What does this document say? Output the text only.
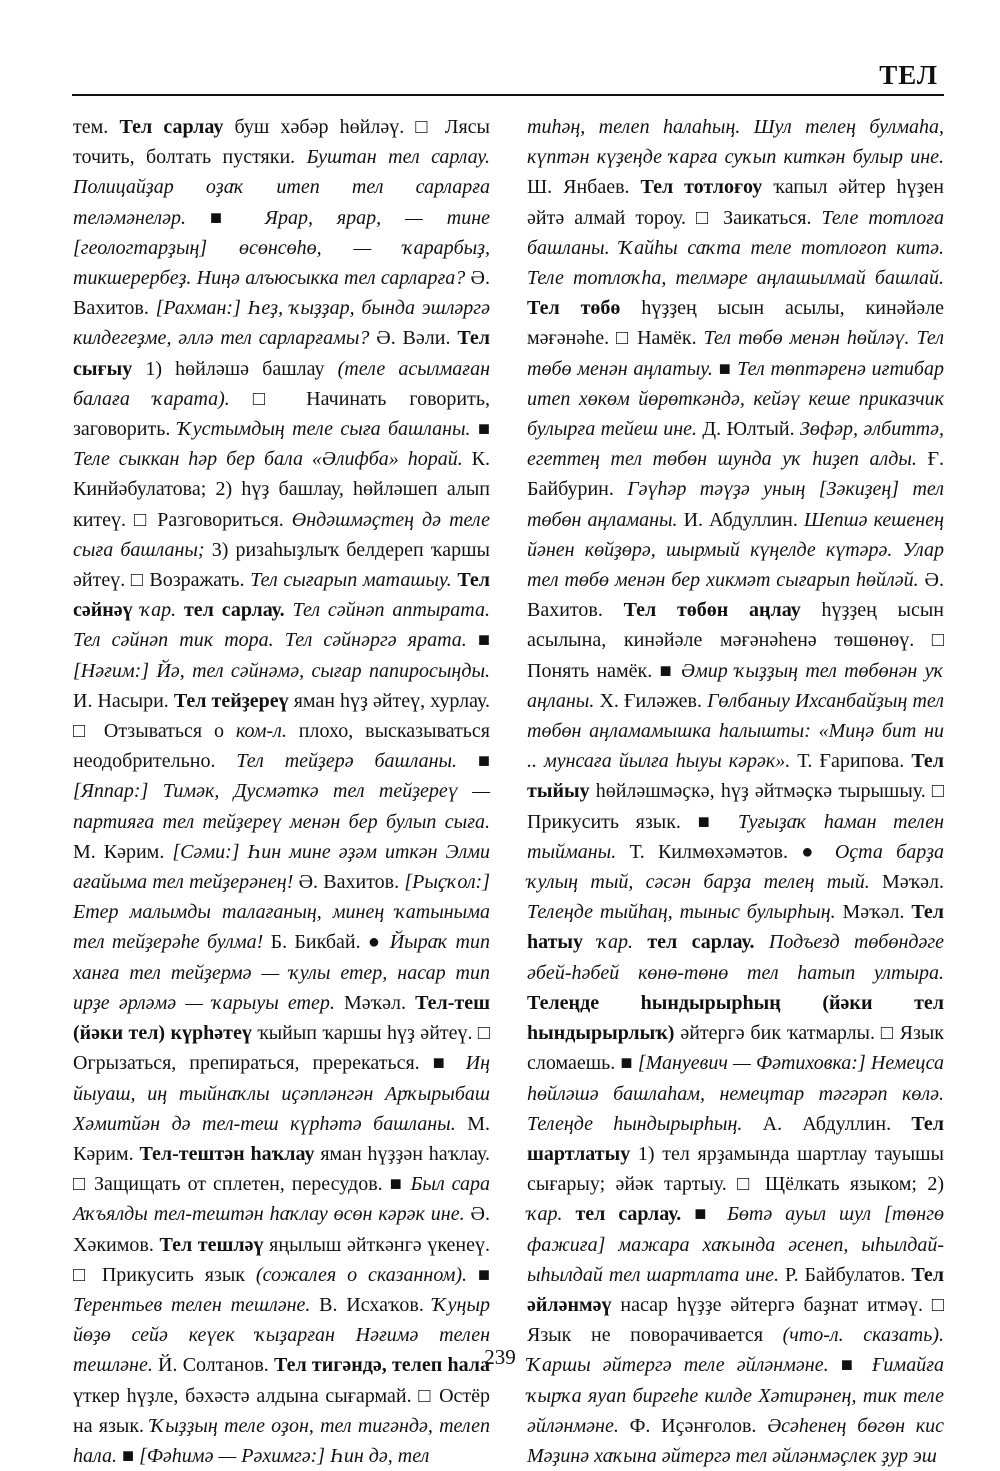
ТЕЛ

тем. Тел сарлау буш хәбәр һөйләү. □ Лясы точить, болтать пустяки. Буштан тел сарлау. Полицайҙар оҙаҡ итеп тел сарларға теләмәнеләр. ■ Ярар, ярар, — тине [геологтарҙың] өсөнсөһө, — ҡарарбыҙ, тикшерербеҙ. Ниңә алъюсыкка тел сарларға? Ә. Вахитов. [Рахман:] Һеҙ, ҡыҙҙар, бында эшләргә килдегеҙме, әллә тел сарларғамы? Ә. Вәли. Тел сығыу 1) һөйләшә башлау (теле асылмаған балаға ҡарата). □ Начинать говорить, заговорить. Ҡустымдың теле сыға башланы. ■ Теле сыккан һәр бер бала «Әлифба» һорай. К. Кинйәбулатова; 2) һүҙ башлау, һөйләшеп алып китеү. □ Разговориться. Өндәшмәҫтең дә теле сыға башланы; 3) ризаһыҙлыҡ белдереп ҡаршы әйтеү. □ Возражать. Тел сығарып маташыу. Тел сәйнәү ҡар. тел сарлау. Тел сәйнәп аптырата. Тел сәйнәп тик тора. Тел сәйнәргә ярата. ■ [Нәғим:] Йә, тел сәйнәмә, сығар папиросыңды. И. Насыри. Тел тейҙереү яман һүҙ әйтеү, хурлау. □ Отзываться о ком-л. плохо, высказываться неодобрительно. Тел тейҙерә башланы. ■ [Яппар:] Тимәк, Дусмәткә тел тейҙереү — партияға тел тейҙереү менән бер булып сыға. М. Кәрим. [Сәми:] Һин мине әҙәм иткән Элми ағайыма тел тейҙерәнең! Ә. Вахитов. [Рыҫҡол:] Етер малымды талағаның, минең ҡатыныма тел тейҙерәһе булма! Б. Бикбай. ● Йыраҡ тип ханға тел тейҙермә — ҡулы етер, насар тип ирҙе әрләмә — ҡарыуы етер. Мәҡәл. Тел-теш (йәки тел) күрһәтеү ҡыйып ҡаршы һүҙ әйтеү. □ Огрызаться, препираться, пререкаться. ■ Иң йыуаш, иң тыйнаҡлы иҫәпләнгән Арҡырыбаш Хәмитйән дә тел-теш күрһәтә башланы. М. Кәрим. Тел-тештән һаҡлау яман һүҙҙән һаҡлау. □ Защищать от сплетен, пересудов. ■ Был сара Аҡъялды тел-тештән һаҡлау өсөн кәрәк ине. Ә. Хәкимов. Тел тешләү яңылыш әйткәнгә үкенеү. □ Прикусить язык (сожалея о сказанном). ■ Терентьев телен тешләне. В. Исхаҡов. Ҡуңыр йөҙө сейә кеүек ҡыҙарған Нәғимә телен тешләне. Й. Солтанов. Тел тигәндә, телеп һала үткер һүҙле, бәхәстә алдына сығармай. □ Остёр на язык. Ҡыҙҙың теле оҙон, тел тигәндә, телеп һала. ■ [Фәһимә — Рәхимгә:] Һин дә, тел

тиһәң, телеп һалаһың. Шул телең булмаһа, күптән күҙеңде ҡарға суҡып киткән булыр ине. Ш. Янбаев. Тел тотлоғоу ҡапыл әйтер һүҙен әйтә алмай тороу. □ Заикаться. Теле тотлоға башланы. Ҡайһы саҡта теле тотлоғоп китә. Теле тотлоҡһа, телмәре аңлашылмай башлай. Тел төбө һүҙҙең ысын асылы, кинәйәле мәғәнәһе. □ Намёк. Тел төбө менән һөйләү. Тел төбө менән аңлатыу. ■ Тел төптәренә иғтибар итеп хөкөм йөрөткәндә, кейәү кеше приказчик булырға тейеш ине. Д. Юлтый. Зөфәр, әлбиттә, егеттең тел төбөн шунда уҡ һиҙеп алды. Ғ. Байбурин. Гәүһәр тәүҙә уның [Зәкиҙең] тел төбөн аңламаны. И. Абдуллин. Шепшә кешенең йәнен көйҙөрә, шырмый күңелде күтәрә. Улар тел төбө менән бер хикмәт сығарып һөйләй. Ә. Вахитов. Тел төбөн аңлау һүҙҙең ысын асылына, кинәйәле мәғәнәһенә төшөнөү. □ Понять намёк. ■ Әмир ҡыҙҙың тел төбөнән уҡ аңланы. Х. Ғиләжев. Гөлбаныу Ихсанбайҙың тел төбөн аңламамышка һалышты: «Миңә бит ни .. мунсаға йылға һыуы кәрәк». Т. Ғарипова. Тел тыйыу һөйләшмәҫкә, һүҙ әйтмәҫкә тырышыу. □ Прикусить язык. ■ Туғыҙаҡ һаман телен тыйманы. Т. Килмөхәмәтов. ● Оҫта барҙа ҡулың тый, сәсән барҙа телең тый. Мәҡәл. Телеңде тыйһаң, тыныс булырһың. Мәҡәл. Тел һатыу ҡар. тел сарлау. Подъезд төбөндәге әбей-һәбей көнө-төнө тел һатып ултыра. Телеңде һындырырһың (йәки тел һындырырлыҡ) әйтергә бик ҡатмарлы. □ Язык сломаешь. ■ [Мануевич — Фәтиховка:] Немецса һөйләшә башлаһам, немецтар тәгәрәп көлә. Телеңде һындырырһың. А. Абдуллин. Тел шартлатыу 1) тел ярҙамында шартлау тауышы сығарыу; әйәк тартыу. □ Щёлкать языком; 2) ҡар. тел сарлау. ■ Бөтә ауыл шул [төнгө фажиға] мажара хаҡында әсенеп, ыһылдай-ыһылдай тел шартлата ине. Р. Байбулатов. Тел әйләнмәү насар һүҙҙе әйтергә баҙнат итмәү. □ Язык не поворачивается (что-л. сказать). Ҡаршы әйтергә теле әйләнмәне. ■ Ғимайға ҡырҡа яуап биргеһе килде Хәтирәнең, тик теле әйләнмәне. Ф. Иҫәнғолов. Әсәһенең бөгөн кис Мәҙинә хаҡына әйтергә тел әйләнмәҫлек ҙур эш

239
